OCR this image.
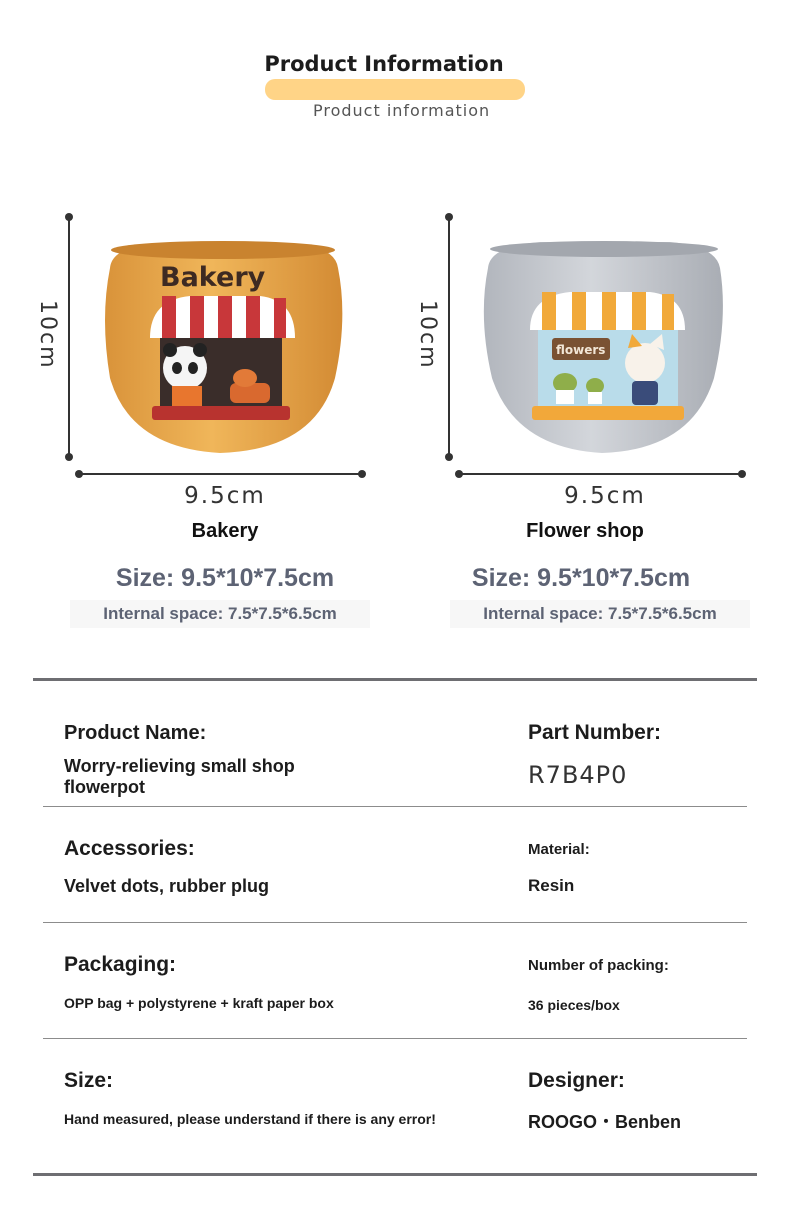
Product Information
Product information
10cm
Bakery
9.5cm
Bakery
Size: 9.5*10*7.5cm
Internal space: 7.5*7.5*6.5cm
10cm	flowers
9.5cm
Flower shop
Size: 9.5*10*7.5cm
Internal space: 7.5*7.5*6.5cm
Product Name:
Worry-relieving small shop
flowerpot
Part Number:
R7B4P0
Accessories:
Velvet dots, rubber plug
Material:
Resin
Packaging:
OPP bag + polystyrene + kraft paper box
Number of packing:
36 pieces/box
Size:
Hand measured, please understand if there is any error!
Designer:
ROOGO・Benben
